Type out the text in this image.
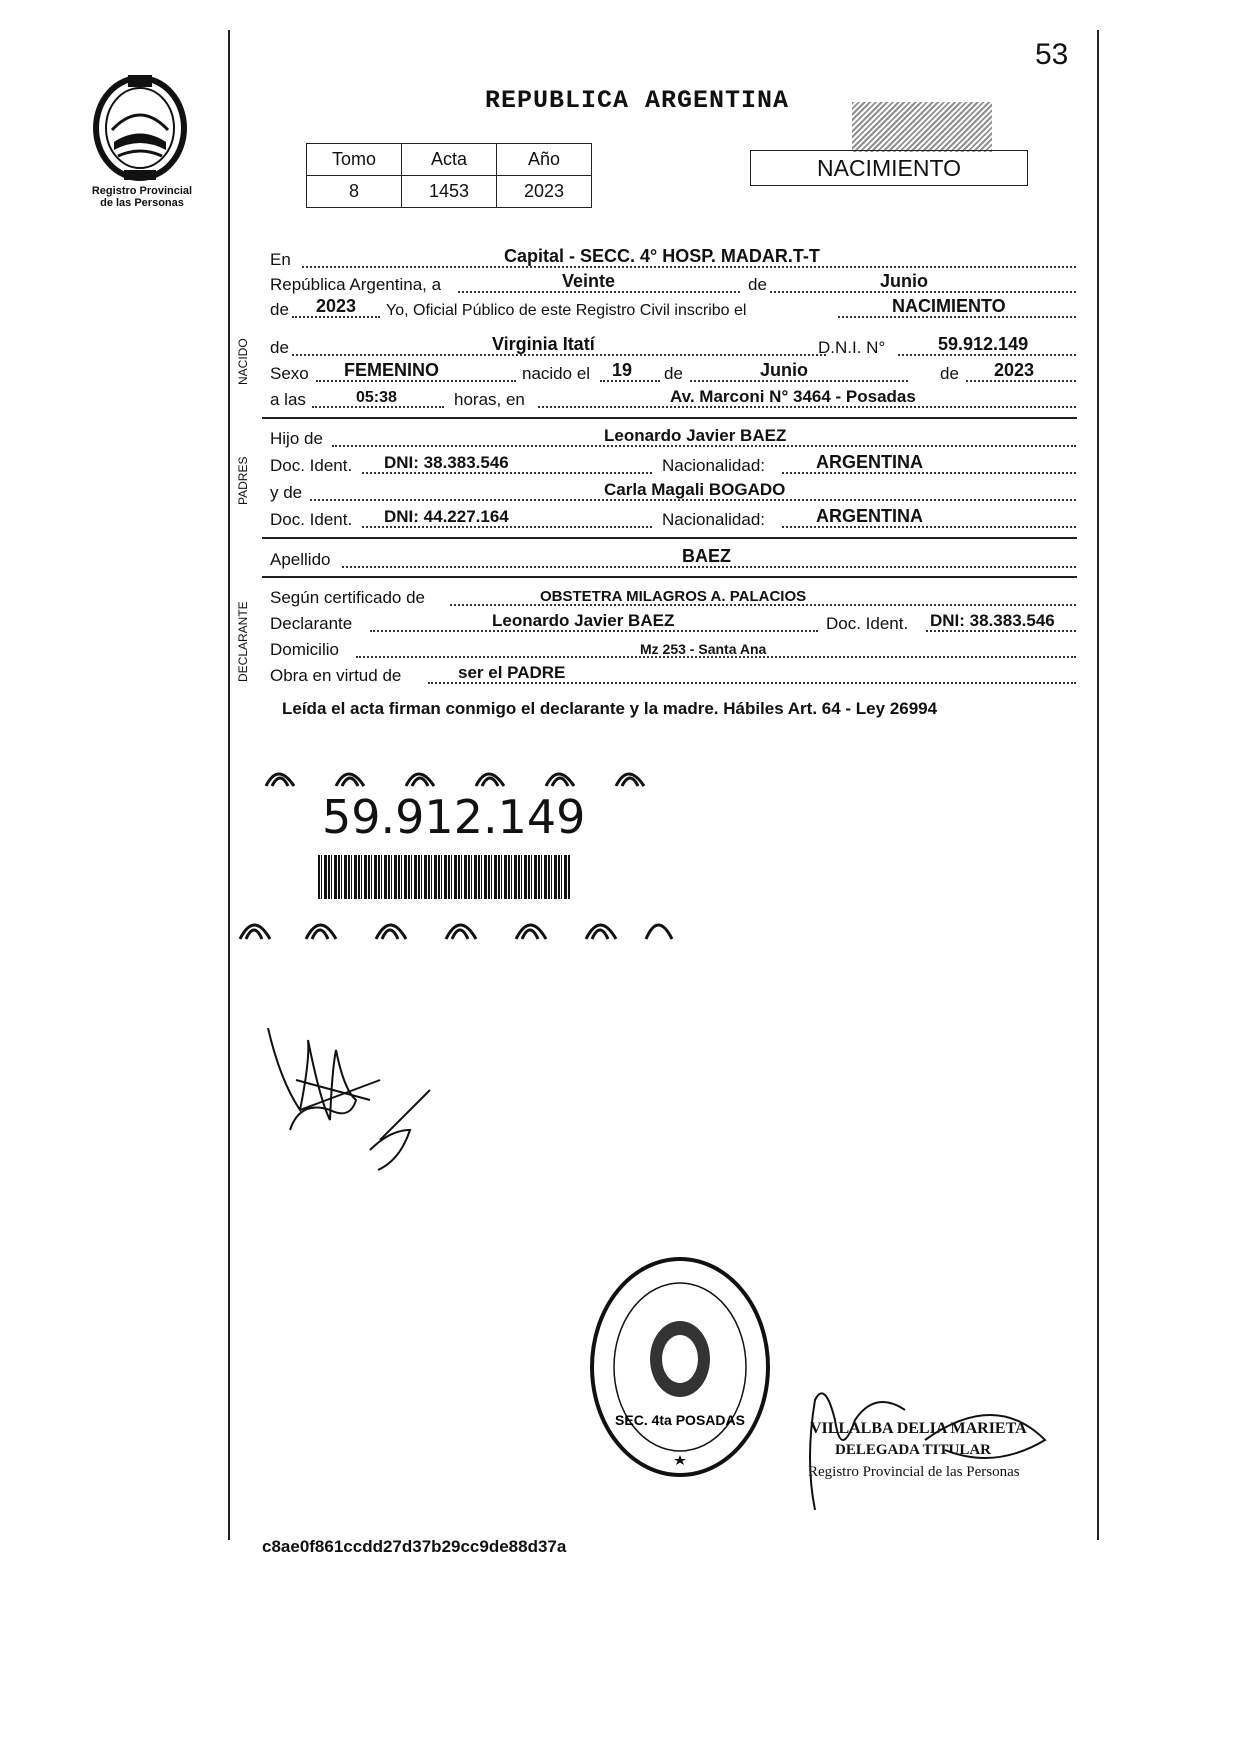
53
Registro Provincial
de las Personas
REPUBLICA ARGENTINA
Tomo	Acta	Año
8	1453	2023
NACIMIENTO
En	Capital - SECC. 4° HOSP. MADAR.T-T
República Argentina, a	Veinte	de	Junio
de 2023 Yo, Oficial Público de este Registro Civil inscribo el	NACIMIENTO
NACIDO de	Virginia Itatí	D.N.I. N°	59.912.149
Sexo FEMENINO	nacido el 19 de	Junio	de 2023
a las	05:38	horas, en	Av. Marconi N° 3464 - Posadas
PADRES
Hijo de	Leonardo Javier BAEZ
Doc. Ident. DNI: 38.383.546	Nacionalidad:	ARGENTINA
y de	Carla Magali BOGADO
Doc. Ident. DNI: 44.227.164	Nacionalidad:	ARGENTINA
Apellido	BAEZ
DECLARANTE
Según certificado de	OBSTETRA MILAGROS A. PALACIOS
Declarante	Leonardo Javier BAEZ	Doc. Ident. DNI: 38.383.546
Domicilio	Mz 253 - Santa Ana
Obra en virtud de	ser el PADRE
Leída el acta firman conmigo el declarante y la madre. Hábiles Art. 64 - Ley 26994
59.912.149
SEC. 4ta POSADAS	VILLALBA DELIA MARIETA
DELEGADA TITULAR
Registro Provincial de las Personas
c8ae0f861ccdd27d37b29cc9de88d37a
